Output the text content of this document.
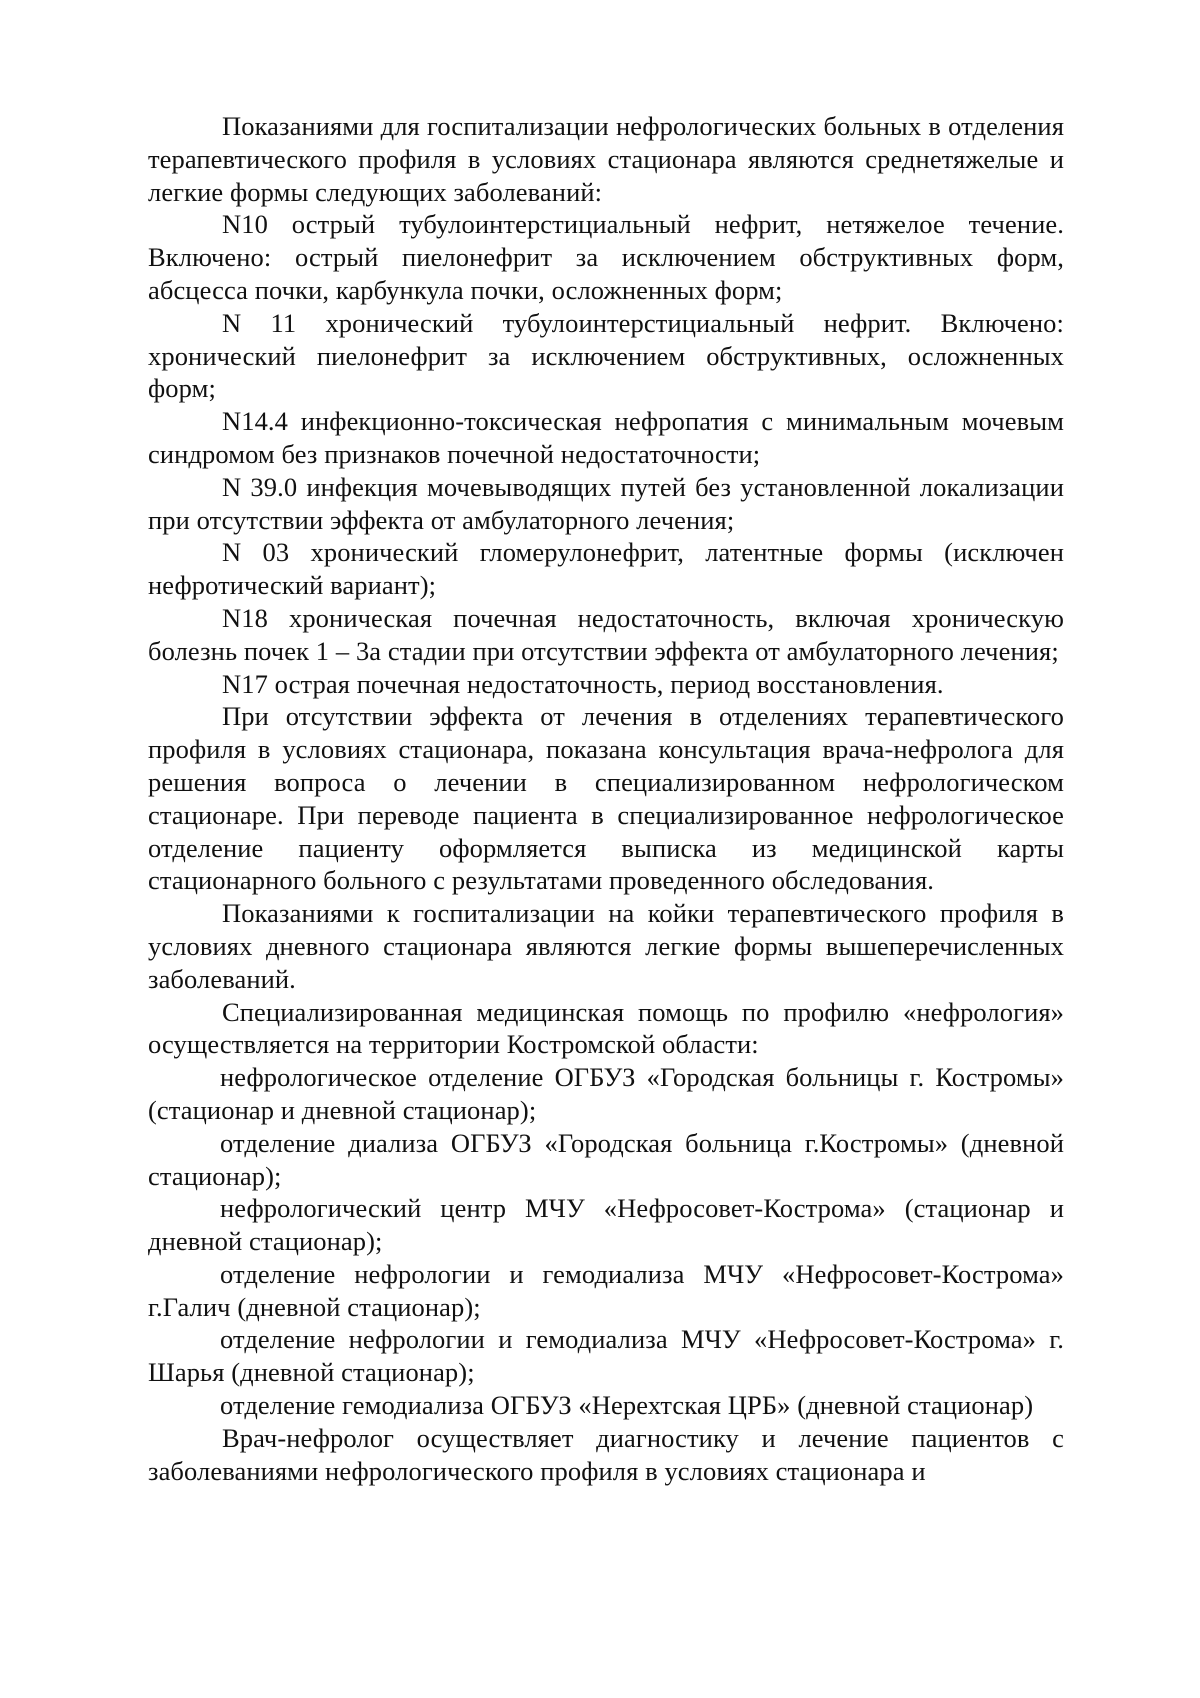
Показаниями для госпитализации нефрологических больных в отделения терапевтического профиля в условиях стационара являются среднетяжелые и легкие формы следующих заболеваний:

N10 острый тубулоинтерстициальный нефрит, нетяжелое течение. Включено: острый пиелонефрит за исключением обструктивных форм, абсцесса почки, карбункула почки, осложненных форм;

N 11 хронический тубулоинтерстициальный нефрит. Включено: хронический пиелонефрит за исключением обструктивных, осложненных форм;

N14.4 инфекционно-токсическая нефропатия с минимальным мочевым синдромом без признаков почечной недостаточности;

N 39.0 инфекция мочевыводящих путей без установленной локализации при отсутствии эффекта от амбулаторного лечения;

N 03 хронический гломерулонефрит, латентные формы (исключен нефротический вариант);

N18 хроническая почечная недостаточность, включая хроническую болезнь почек 1 – 3а стадии при отсутствии эффекта от амбулаторного лечения;

N17 острая почечная недостаточность, период восстановления.

При отсутствии эффекта от лечения в отделениях терапевтического профиля в условиях стационара, показана консультация врача-нефролога для решения вопроса о лечении в специализированном нефрологическом стационаре. При переводе пациента в специализированное нефрологическое отделение пациенту оформляется выписка из медицинской карты стационарного больного с результатами проведенного обследования.

Показаниями к госпитализации на койки терапевтического профиля в условиях дневного стационара являются легкие формы вышеперечисленных заболеваний.

Специализированная медицинская помощь по профилю «нефрология» осуществляется на территории Костромской области:

нефрологическое отделение ОГБУЗ «Городская больницы г. Костромы» (стационар и дневной стационар);

отделение диализа ОГБУЗ «Городская больница г.Костромы» (дневной стационар);

нефрологический центр МЧУ «Нефросовет-Кострома» (стационар и дневной стационар);

отделение нефрологии и гемодиализа МЧУ «Нефросовет-Кострома» г.Галич (дневной стационар);

отделение нефрологии и гемодиализа МЧУ «Нефросовет-Кострома» г. Шарья (дневной стационар);

отделение гемодиализа ОГБУЗ «Нерехтская ЦРБ» (дневной стационар)

Врач-нефролог осуществляет диагностику и лечение пациентов с заболеваниями нефрологического профиля в условиях стационара и
